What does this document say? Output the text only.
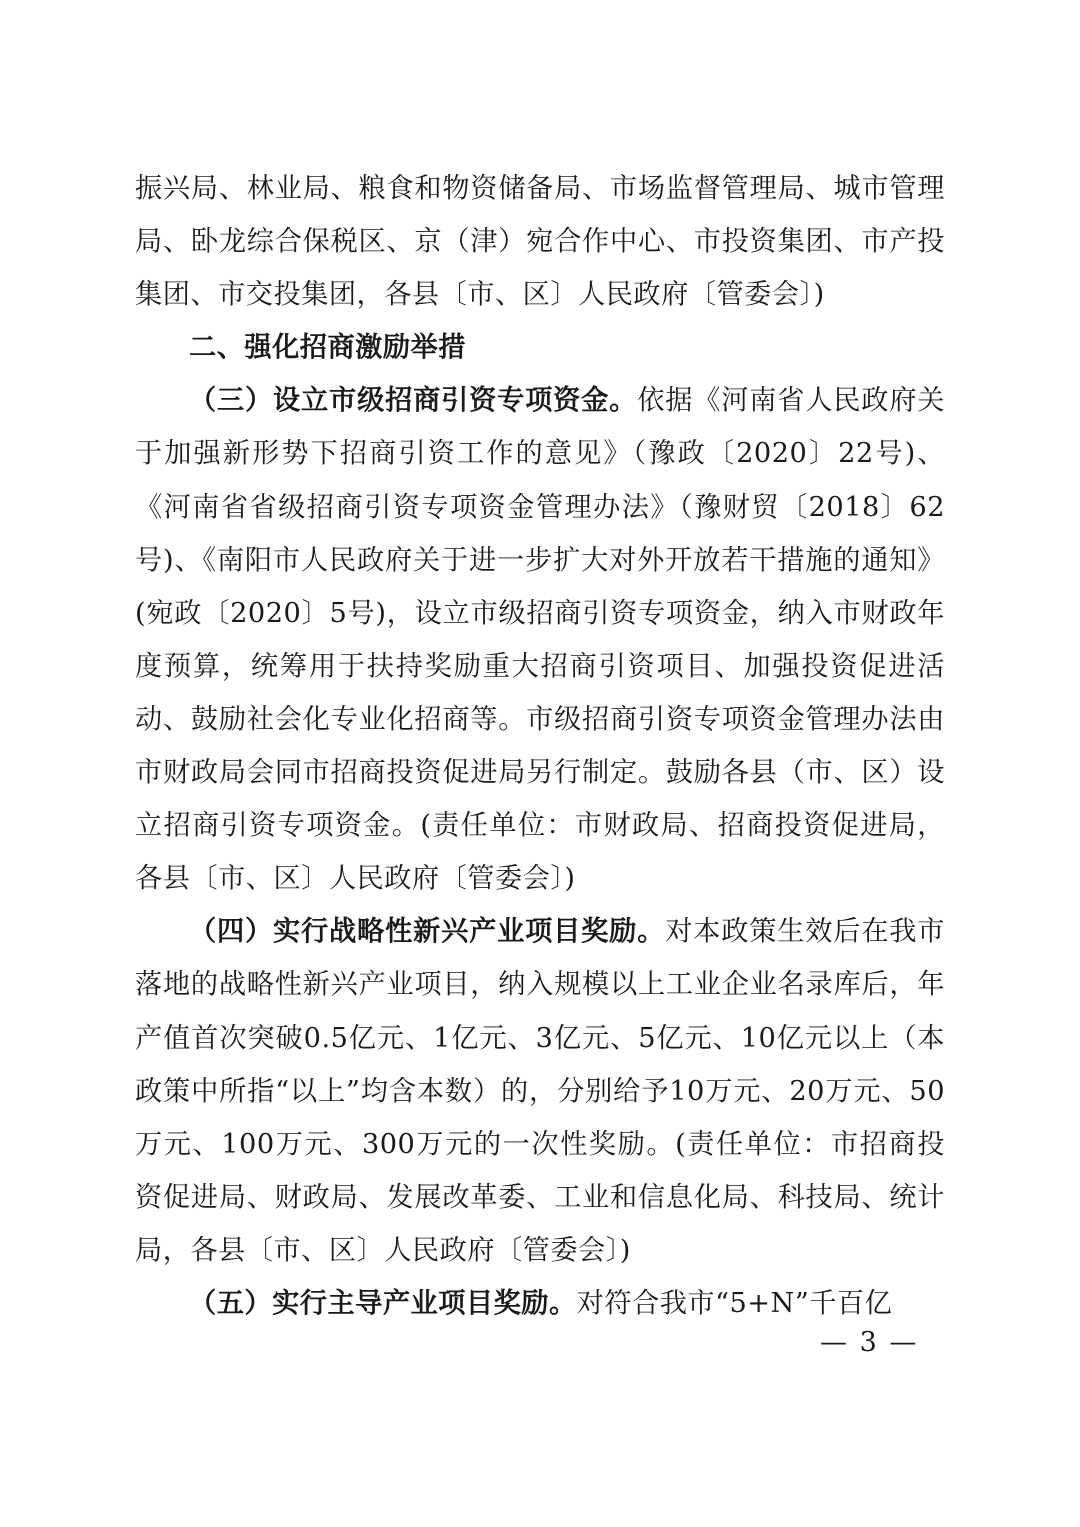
振兴局、林业局、粮食和物资储备局、市场监督管理局、城市管理局、卧龙综合保税区、京（津）宛合作中心、市投资集团、市产投集团、市交投集团，各县〔市、区〕人民政府〔管委会〕)

二、强化招商激励举措

（三）设立市级招商引资专项资金。依据《河南省人民政府关于加强新形势下招商引资工作的意见》（豫政〔2020〕22号)、《河南省省级招商引资专项资金管理办法》（豫财贸〔2018〕62号)、《南阳市人民政府关于进一步扩大对外开放若干措施的通知》(宛政〔2020〕5号)，设立市级招商引资专项资金，纳入市财政年度预算，统筹用于扶持奖励重大招商引资项目、加强投资促进活动、鼓励社会化专业化招商等。市级招商引资专项资金管理办法由市财政局会同市招商投资促进局另行制定。鼓励各县（市、区）设立招商引资专项资金。(责任单位：市财政局、招商投资促进局，各县〔市、区〕人民政府〔管委会〕)

（四）实行战略性新兴产业项目奖励。对本政策生效后在我市落地的战略性新兴产业项目，纳入规模以上工业企业名录库后，年产值首次突破0.5亿元、1亿元、3亿元、5亿元、10亿元以上（本政策中所指“以上”均含本数）的，分别给予10万元、20万元、50万元、100万元、300万元的一次性奖励。(责任单位：市招商投资促进局、财政局、发展改革委、工业和信息化局、科技局、统计局，各县〔市、区〕人民政府〔管委会〕)

（五）实行主导产业项目奖励。对符合我市“5+N”千百亿

— 3 —
